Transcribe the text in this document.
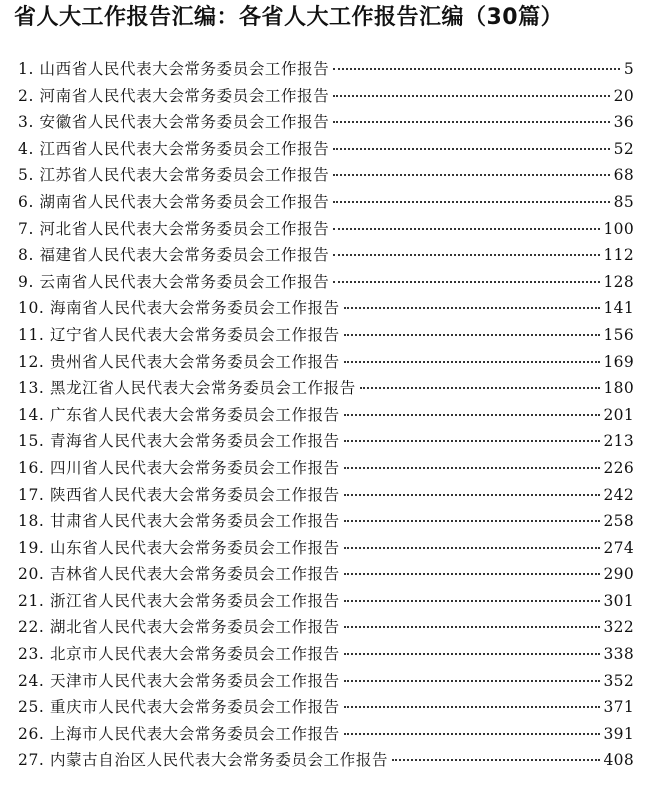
省人大工作报告汇编：各省人大工作报告汇编（30篇）
1. 山西省人民代表大会常务委员会工作报告	5
2. 河南省人民代表大会常务委员会工作报告	20
3. 安徽省人民代表大会常务委员会工作报告	36
4. 江西省人民代表大会常务委员会工作报告	52
5. 江苏省人民代表大会常务委员会工作报告	68
6. 湖南省人民代表大会常务委员会工作报告	85
7. 河北省人民代表大会常务委员会工作报告	100
8. 福建省人民代表大会常务委员会工作报告	112
9. 云南省人民代表大会常务委员会工作报告	128
10. 海南省人民代表大会常务委员会工作报告	141
11. 辽宁省人民代表大会常务委员会工作报告	156
12. 贵州省人民代表大会常务委员会工作报告	169
13. 黑龙江省人民代表大会常务委员会工作报告	180
14. 广东省人民代表大会常务委员会工作报告	201
15. 青海省人民代表大会常务委员会工作报告	213
16. 四川省人民代表大会常务委员会工作报告	226
17. 陕西省人民代表大会常务委员会工作报告	242
18. 甘肃省人民代表大会常务委员会工作报告	258
19. 山东省人民代表大会常务委员会工作报告	274
20. 吉林省人民代表大会常务委员会工作报告	290
21. 浙江省人民代表大会常务委员会工作报告	301
22. 湖北省人民代表大会常务委员会工作报告	322
23. 北京市人民代表大会常务委员会工作报告	338
24. 天津市人民代表大会常务委员会工作报告	352
25. 重庆市人民代表大会常务委员会工作报告	371
26. 上海市人民代表大会常务委员会工作报告	391
27. 内蒙古自治区人民代表大会常务委员会工作报告	408
